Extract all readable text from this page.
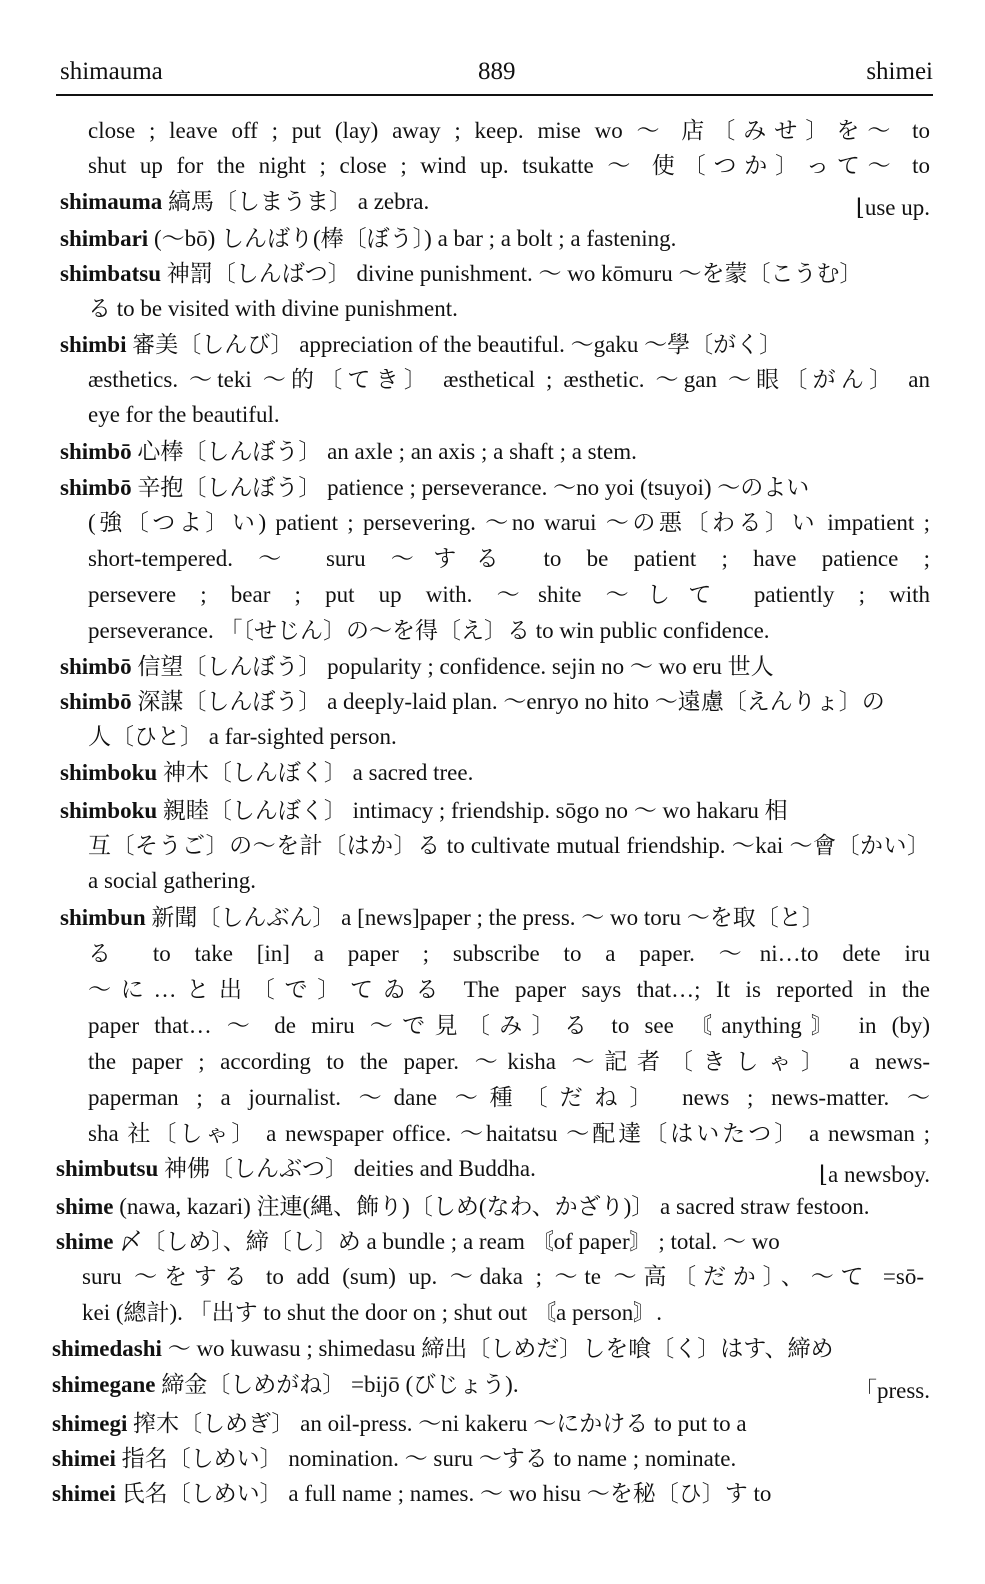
shimauma	889	shimei
close ; leave off ; put (lay) away ; keep. mise wo ～ 店〔みせ〕を～ to
shut up for the night ; close ; wind up. tsukatte ～ 使〔つか〕って～ to
shimauma 縞馬〔しまうま〕 a zebra.	⌊use up.
shimbari (～bō) しんばり(棒〔ぼう〕) a bar ; a bolt ; a fastening.
shimbatsu 神罰〔しんばつ〕 divine punishment. ～ wo kōmuru ～を蒙〔こうむ〕
る to be visited with divine punishment.
shimbi 審美〔しんび〕 appreciation of the beautiful. ～gaku ～學〔がく〕
æsthetics. ～teki ～的〔てき〕 æsthetical ; æsthetic. ～gan ～眼〔がん〕 an
eye for the beautiful.
shimbō 心棒〔しんぼう〕 an axle ; an axis ; a shaft ; a stem.
shimbō 辛抱〔しんぼう〕 patience ; perseverance. ～no yoi (tsuyoi) ～のよい
(強〔つよ〕い) patient ; persevering. ～no warui ～の悪〔わる〕い impatient ;
short-tempered. ～ suru ～する to be patient ; have patience ;
persevere ; bear ; put up with. ～shite ～して patiently ; with
perseverance. 「〔せじん〕の～を得〔え〕る to win public confidence.
shimbō 信望〔しんぼう〕 popularity ; confidence. sejin no ～ wo eru 世人
shimbō 深謀〔しんぼう〕 a deeply-laid plan. ～enryo no hito ～遠慮〔えんりょ〕の
人〔ひと〕 a far-sighted person.
shimboku 神木〔しんぼく〕 a sacred tree.
shimboku 親睦〔しんぼく〕 intimacy ; friendship. sōgo no ～ wo hakaru 相
互〔そうご〕の～を計〔はか〕る to cultivate mutual friendship. ～kai ～會〔かい〕
a social gathering.
shimbun 新聞〔しんぶん〕 a [news]paper ; the press. ～ wo toru ～を取〔と〕
る to take [in] a paper ; subscribe to a paper. ～ni…to dete iru
～に…と出〔で〕てゐる The paper says that…; It is reported in the
paper that… ～ de miru ～で見〔み〕る to see 〘anything〙 in (by)
the paper ; according to the paper. ～kisha ～記者〔きしゃ〕 a news-
paperman ; a journalist. ～dane ～種〔だね〕 news ; news-matter. ～
sha 社〔しゃ〕 a newspaper office. ～haitatsu ～配達〔はいたつ〕 a newsman ;
shimbutsu 神佛〔しんぶつ〕 deities and Buddha.	⌊a newsboy.
shime (nawa, kazari) 注連(縄、飾り)〔しめ(なわ、かざり)〕 a sacred straw festoon.
shime 〆〔しめ〕、締〔し〕め a bundle ; a ream 〘of paper〙 ; total. ～ wo
suru ～をする to add (sum) up. ～daka ; ～te ～高〔だか〕、～て =sō-
kei (總計). 「出す to shut the door on ; shut out 〘a person〙.
shimedashi ～ wo kuwasu ; shimedasu 締出〔しめだ〕しを喰〔く〕はす、締め
shimegane 締金〔しめがね〕 =bijō (びじょう).	「press.
shimegi 搾木〔しめぎ〕 an oil-press. ～ni kakeru ～にかける to put to a
shimei 指名〔しめい〕 nomination. ～ suru ～する to name ; nominate.
shimei 氏名〔しめい〕 a full name ; names. ～ wo hisu ～を秘〔ひ〕す to
